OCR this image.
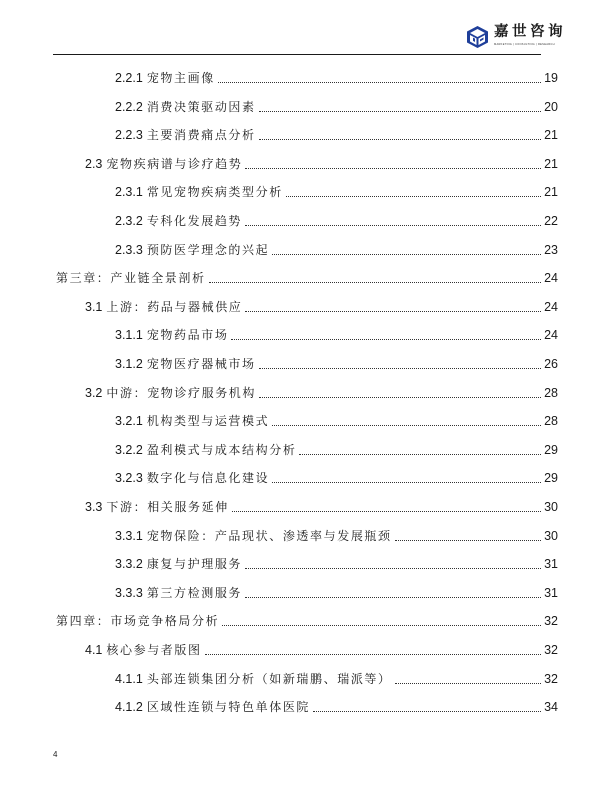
嘉世咨询
MARKETING | CONSULTING | RESEARCH
2.2.1 宠物主画像	19
2.2.2 消费决策驱动因素	20
2.2.3 主要消费痛点分析	21
2.3 宠物疾病谱与诊疗趋势	21
2.3.1 常见宠物疾病类型分析	21
2.3.2 专科化发展趋势	22
2.3.3 预防医学理念的兴起	23
第三章：产业链全景剖析	24
3.1 上游：药品与器械供应	24
3.1.1 宠物药品市场	24
3.1.2 宠物医疗器械市场	26
3.2 中游：宠物诊疗服务机构	28
3.2.1 机构类型与运营模式	28
3.2.2 盈利模式与成本结构分析	29
3.2.3 数字化与信息化建设	29
3.3 下游：相关服务延伸	30
3.3.1 宠物保险：产品现状、渗透率与发展瓶颈	30
3.3.2 康复与护理服务	31
3.3.3 第三方检测服务	31
第四章：市场竞争格局分析	32
4.1 核心参与者版图	32
4.1.1 头部连锁集团分析（如新瑞鹏、瑞派等）	32
4.1.2 区域性连锁与特色单体医院	34
4
